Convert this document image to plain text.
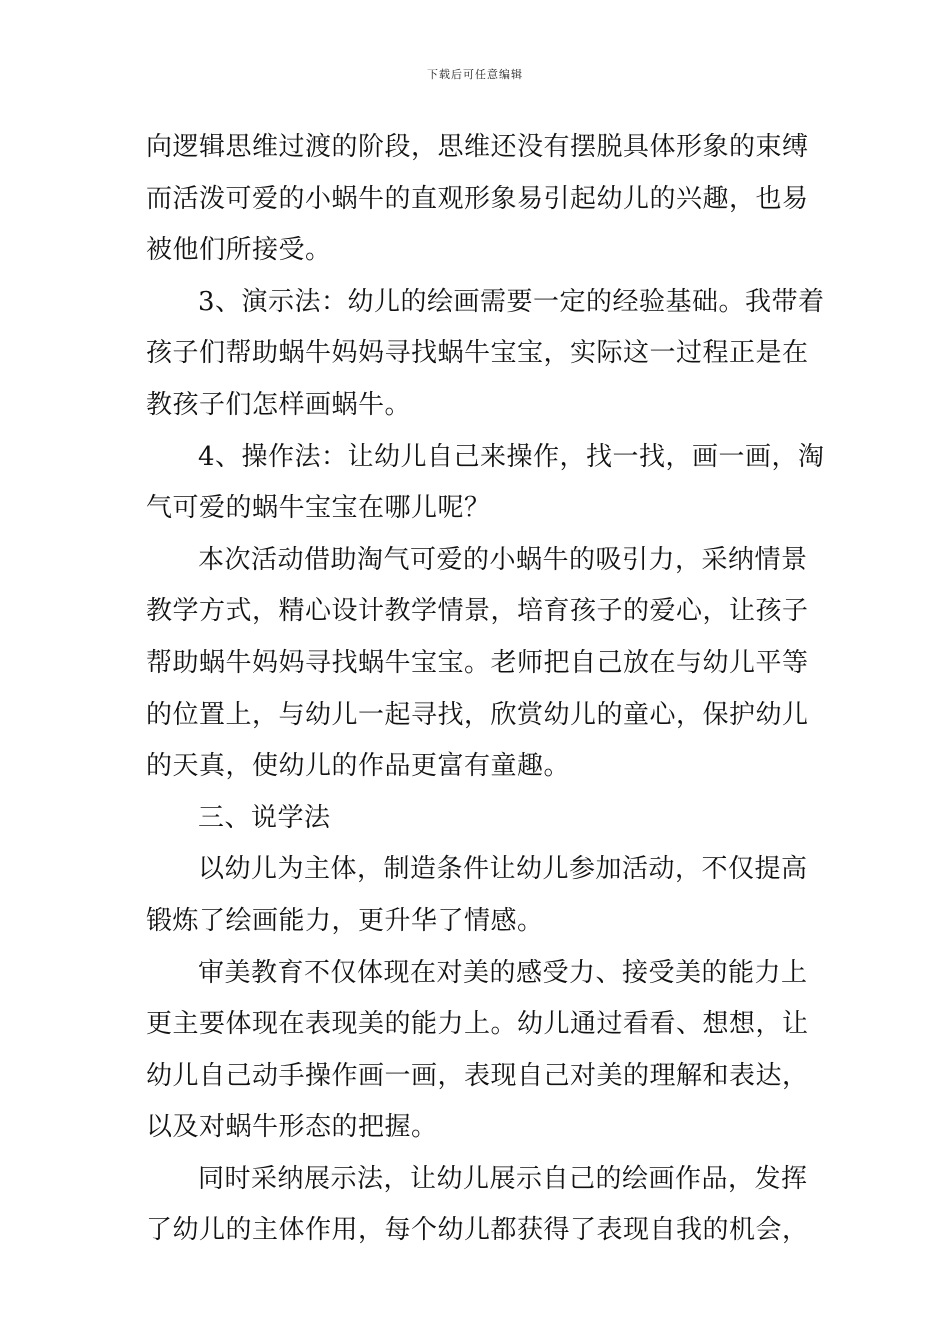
下载后可任意编辑
向逻辑思维过渡的阶段，思维还没有摆脱具体形象的束缚
而活泼可爱的小蜗牛的直观形象易引起幼儿的兴趣，也易
被他们所接受。
3、演示法：幼儿的绘画需要一定的经验基础。我带着
孩子们帮助蜗牛妈妈寻找蜗牛宝宝，实际这一过程正是在
教孩子们怎样画蜗牛。
4、操作法：让幼儿自己来操作，找一找，画一画，淘
气可爱的蜗牛宝宝在哪儿呢？
本次活动借助淘气可爱的小蜗牛的吸引力，采纳情景
教学方式，精心设计教学情景，培育孩子的爱心，让孩子
帮助蜗牛妈妈寻找蜗牛宝宝。老师把自己放在与幼儿平等
的位置上，与幼儿一起寻找，欣赏幼儿的童心，保护幼儿
的天真，使幼儿的作品更富有童趣。
三、说学法
以幼儿为主体，制造条件让幼儿参加活动，不仅提高
锻炼了绘画能力，更升华了情感。
审美教育不仅体现在对美的感受力、接受美的能力上
更主要体现在表现美的能力上。幼儿通过看看、想想，让
幼儿自己动手操作画一画，表现自己对美的理解和表达，
以及对蜗牛形态的把握。
同时采纳展示法，让幼儿展示自己的绘画作品，发挥
了幼儿的主体作用，每个幼儿都获得了表现自我的机会，
